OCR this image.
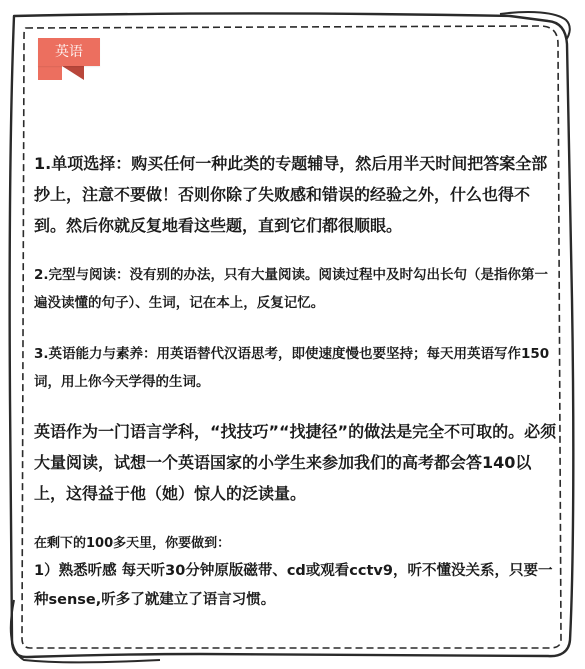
英语

1.单项选择：购买任何一种此类的专题辅导，然后用半天时间把答案全部抄上，注意不要做！否则你除了失败感和错误的经验之外，什么也得不到。然后你就反复地看这些题，直到它们都很顺眼。

2.完型与阅读：没有别的办法，只有大量阅读。阅读过程中及时勾出长句（是指你第一遍没读懂的句子）、生词，记在本上，反复记忆。

3.英语能力与素养：用英语替代汉语思考，即使速度慢也要坚持；每天用英语写作150词，用上你今天学得的生词。

英语作为一门语言学科，“找技巧”“找捷径”的做法是完全不可取的。必须大量阅读，试想一个英语国家的小学生来参加我们的高考都会答140以上，这得益于他（她）惊人的泛读量。

在剩下的100多天里，你要做到：

1）熟悉听感 每天听30分钟原版磁带、cd或观看cctv9，听不懂没关系，只要一种sense,听多了就建立了语言习惯。
